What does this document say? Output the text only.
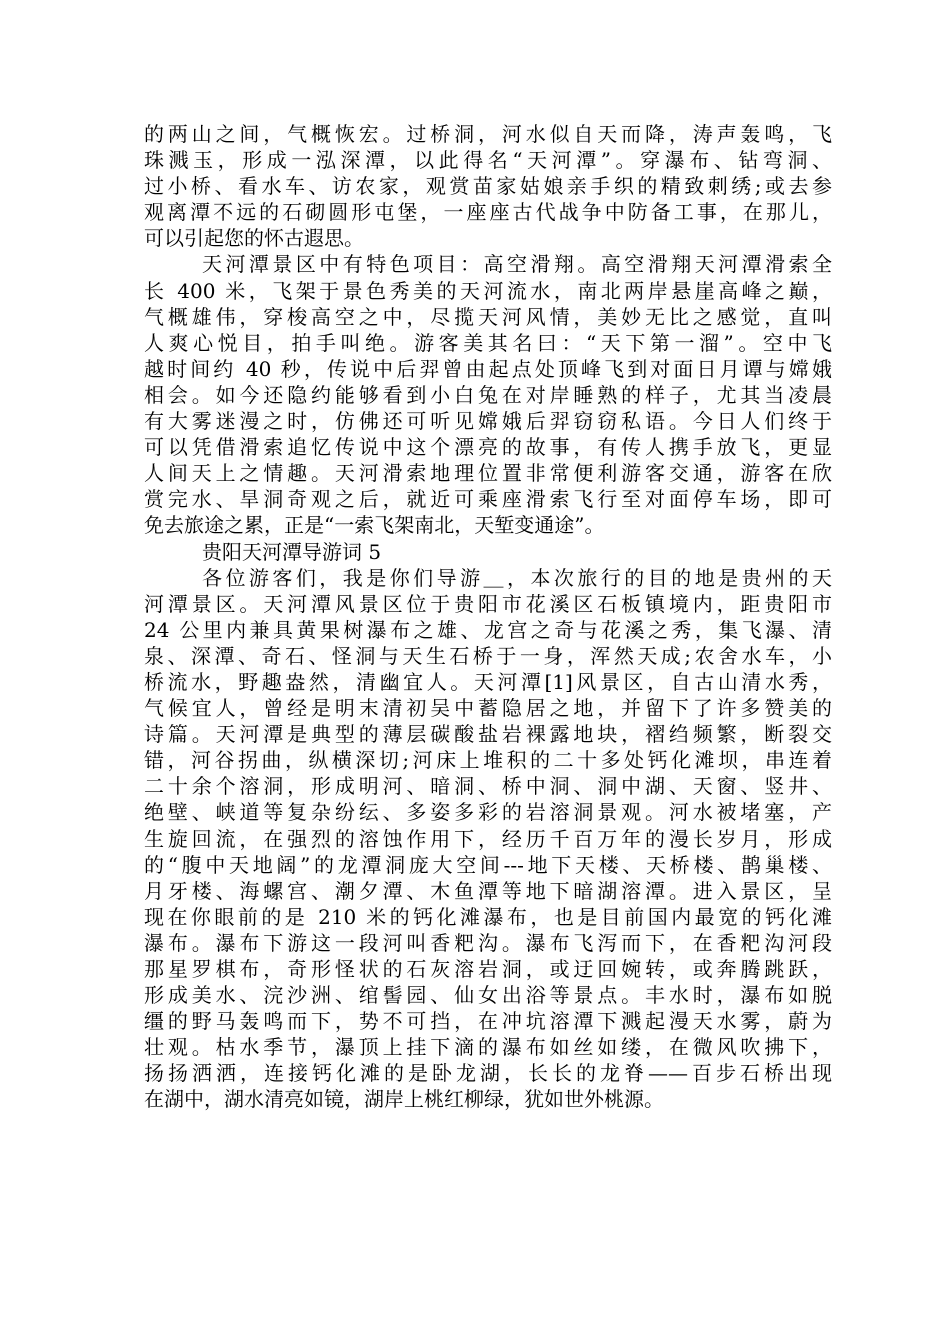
的两山之间，气概恢宏。过桥洞，河水似自天而降，涛声轰鸣，飞
珠溅玉，形成一泓深潭，以此得名“天河潭”。穿瀑布、钻弯洞、
过小桥、看水车、访农家，观赏苗家姑娘亲手织的精致刺绣;或去参
观离潭不远的石砌圆形屯堡，一座座古代战争中防备工事，在那儿，
可以引起您的怀古遐思。
天河潭景区中有特色项目：高空滑翔。高空滑翔天河潭滑索全
长 400 米，飞架于景色秀美的天河流水，南北两岸悬崖高峰之巅，
气概雄伟，穿梭高空之中，尽揽天河风情，美妙无比之感觉，直叫
人爽心悦目，拍手叫绝。游客美其名曰：“天下第一溜”。空中飞
越时间约 40 秒，传说中后羿曾由起点处顶峰飞到对面日月谭与嫦娥
相会。如今还隐约能够看到小白兔在对岸睡熟的样子，尤其当凌晨
有大雾迷漫之时，仿佛还可听见嫦娥后羿窃窃私语。今日人们终于
可以凭借滑索追忆传说中这个漂亮的故事，有传人携手放飞，更显
人间天上之情趣。天河滑索地理位置非常便利游客交通，游客在欣
赏完水、旱洞奇观之后，就近可乘座滑索飞行至对面停车场，即可
免去旅途之累，正是“一索飞架南北，天堑变通途”。
贵阳天河潭导游词 5
各位游客们，我是你们导游＿，本次旅行的目的地是贵州的天
河潭景区。天河潭风景区位于贵阳市花溪区石板镇境内，距贵阳市
24 公里内兼具黄果树瀑布之雄、龙宫之奇与花溪之秀，集飞瀑、清
泉、深潭、奇石、怪洞与天生石桥于一身，浑然天成;农舍水车，小
桥流水，野趣盎然，清幽宜人。天河潭[1]风景区，自古山清水秀，
气候宜人，曾经是明末清初吴中蓄隐居之地，并留下了许多赞美的
诗篇。天河潭是典型的薄层碳酸盐岩裸露地块，褶绉频繁，断裂交
错，河谷拐曲，纵横深切;河床上堆积的二十多处钙化滩坝，串连着
二十余个溶洞，形成明河、暗洞、桥中洞、洞中湖、天窗、竖井、
绝壁、峡道等复杂纷纭、多姿多彩的岩溶洞景观。河水被堵塞，产
生旋回流，在强烈的溶蚀作用下，经历千百万年的漫长岁月，形成
的“腹中天地阔”的龙潭洞庞大空间---地下天楼、天桥楼、鹊巢楼、
月牙楼、海螺宫、潮夕潭、木鱼潭等地下暗湖溶潭。进入景区，呈
现在你眼前的是 210 米的钙化滩瀑布，也是目前国内最宽的钙化滩
瀑布。瀑布下游这一段河叫香粑沟。瀑布飞泻而下，在香粑沟河段
那星罗棋布，奇形怪状的石灰溶岩洞，或迂回婉转，或奔腾跳跃，
形成美水、浣沙洲、绾髻园、仙女出浴等景点。丰水时，瀑布如脱
缰的野马轰鸣而下，势不可挡，在冲坑溶潭下溅起漫天水雾，蔚为
壮观。枯水季节，瀑顶上挂下滴的瀑布如丝如缕，在微风吹拂下，
扬扬洒洒，连接钙化滩的是卧龙湖，长长的龙脊——百步石桥出现
在湖中，湖水清亮如镜，湖岸上桃红柳绿，犹如世外桃源。
